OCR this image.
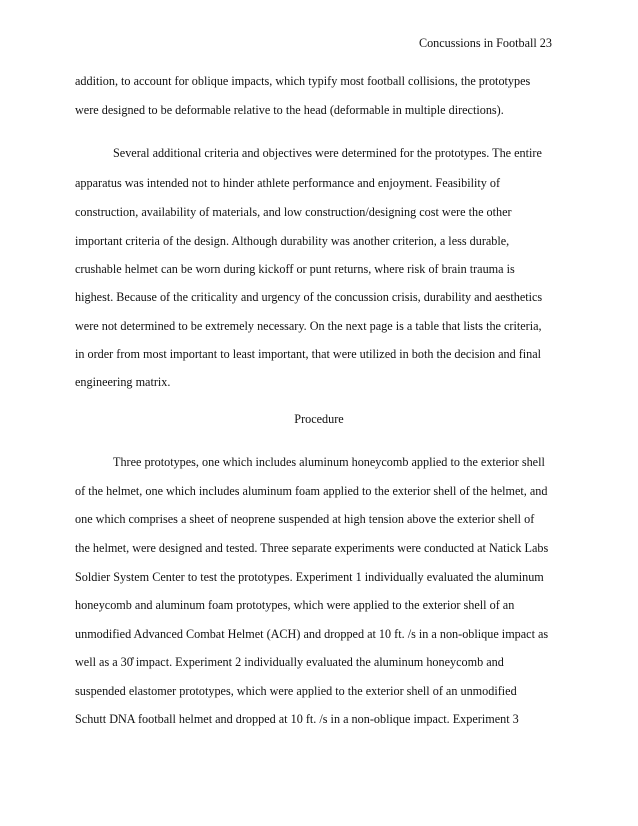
Concussions in Football 23
addition, to account for oblique impacts, which typify most football collisions, the prototypes
were designed to be deformable relative to the head (deformable in multiple directions).
Several additional criteria and objectives were determined for the prototypes. The entire
apparatus was intended not to hinder athlete performance and enjoyment. Feasibility of
construction, availability of materials, and low construction/designing cost were the other
important criteria of the design. Although durability was another criterion, a less durable,
crushable helmet can be worn during kickoff or punt returns, where risk of brain trauma is
highest. Because of the criticality and urgency of the concussion crisis, durability and aesthetics
were not determined to be extremely necessary. On the next page is a table that lists the criteria,
in order from most important to least important, that were utilized in both the decision and final
engineering matrix.
Procedure
Three prototypes, one which includes aluminum honeycomb applied to the exterior shell
of the helmet, one which includes aluminum foam applied to the exterior shell of the helmet, and
one which comprises a sheet of neoprene suspended at high tension above the exterior shell of
the helmet, were designed and tested. Three separate experiments were conducted at Natick Labs
Soldier System Center to test the prototypes. Experiment 1 individually evaluated the aluminum
honeycomb and aluminum foam prototypes, which were applied to the exterior shell of an
unmodified Advanced Combat Helmet (ACH) and dropped at 10 ft. /s in a non-oblique impact as
well as a 30̊ impact. Experiment 2 individually evaluated the aluminum honeycomb and
suspended elastomer prototypes, which were applied to the exterior shell of an unmodified
Schutt DNA football helmet and dropped at 10 ft. /s in a non-oblique impact. Experiment 3
